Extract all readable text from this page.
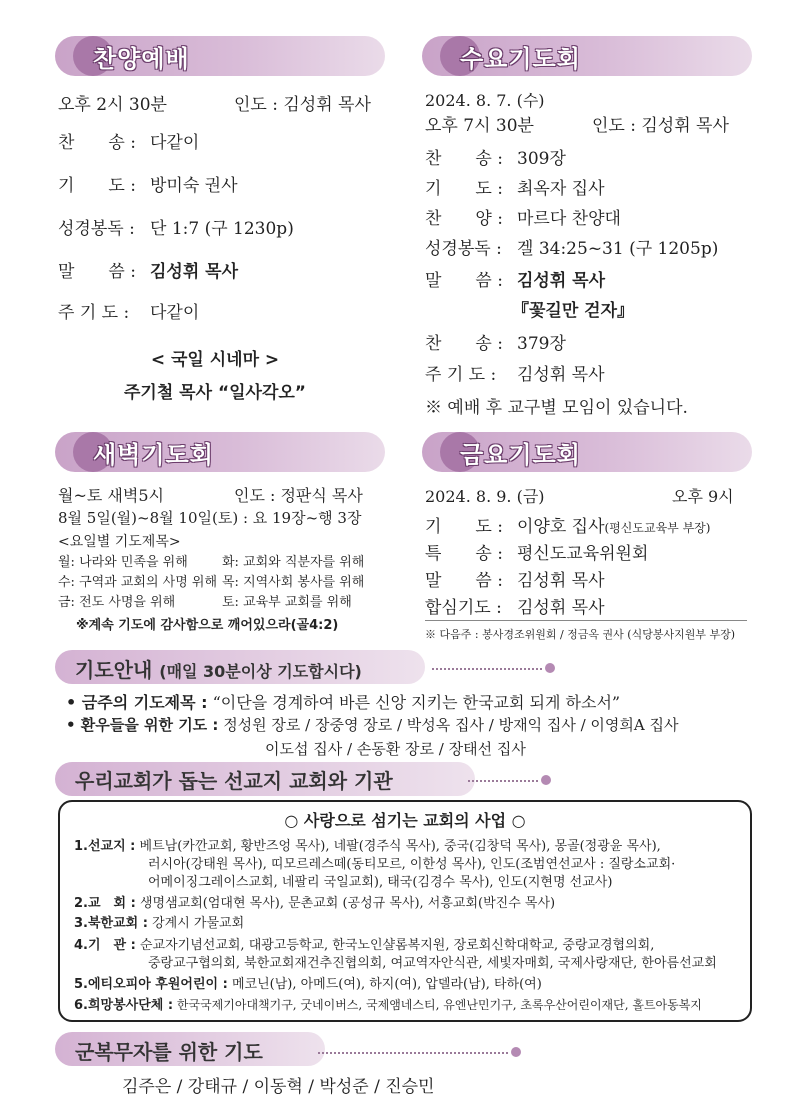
찬양예배
오후 2시 30분	인도 : 김성휘 목사
찬　　송 : 다같이
기　　도 : 방미숙 권사
성경봉독 : 단 1:7 (구 1230p)
말　　씀 : 김성휘 목사
주 기 도 : 다같이
< 국일 시네마 >
주기철 목사 “일사각오”
수요기도회
2024. 8. 7. (수)
오후 7시 30분	인도 : 김성휘 목사
찬　　송 : 309장
기　　도 : 최옥자 집사
찬　　양 : 마르다 찬양대
성경봉독 : 겔 34:25~31 (구 1205p)
말　　씀 : 김성휘 목사
『꽃길만 걷자』
찬　　송 : 379장
주 기 도 : 김성휘 목사
※ 예배 후 교구별 모임이 있습니다.
새벽기도회
월~토 새벽5시	인도 : 정판식 목사
8월 5일(월)~8월 10일(토) : 요 19장~행 3장
<요일별 기도제목>
월: 나라와 민족을 위해	화: 교회와 직분자를 위해
수: 구역과 교회의 사명 위해 목: 지역사회 봉사를 위해
금: 전도 사명을 위해	토: 교육부 교회를 위해
※계속 기도에 감사함으로 깨어있으라(골4:2)
금요기도회
2024. 8. 9. (금)	오후 9시
기　　도 : 이양호 집사(평신도교육부 부장)
특　　송 : 평신도교육위원회
말　　씀 : 김성휘 목사
합심기도 : 김성휘 목사
※ 다음주 : 봉사경조위원회 / 정금옥 권사 (식당봉사지원부 부장)
기도안내 (매일 30분이상 기도합시다)
• 금주의 기도제목 : “이단을 경계하여 바른 신앙 지키는 한국교회 되게 하소서”
• 환우들을 위한 기도 : 정성원 장로 / 장중영 장로 / 박성옥 집사 / 방재익 집사 / 이영희A 집사
이도섭 집사 / 손동환 장로 / 장태선 집사
우리교회가 돕는 선교지 교회와 기관
○ 사랑으로 섬기는 교회의 사업 ○
1.선교지 : 베트남(카깐교회, 황반즈엉 목사), 네팔(경주식 목사), 중국(김창덕 목사), 몽골(정광윤 목사),
러시아(강태원 목사), 띠모르레스떼(동티모르, 이한성 목사), 인도(조범연선교사 : 질랑소교회·
어메이징그레이스교회, 네팔리 국일교회), 태국(김경수 목사), 인도(지현명 선교사)
2.교　회 : 생명샘교회(엄대현 목사), 문촌교회 (공성규 목사), 서흥교회(박진수 목사)
3.북한교회 : 강계시 가물교회
4.기　관 : 순교자기념선교회, 대광고등학교, 한국노인샬롬복지원, 장로회신학대학교, 중랑교경협의회,
중랑교구협의회, 북한교회재건추진협의회, 여교역자안식관, 세빛자매회, 국제사랑재단, 한아름선교회
5.에티오피아 후원어린이 : 메코닌(남), 아메드(여), 하지(여), 압델라(남), 타하(여)
6.희망봉사단체 : 한국국제기아대책기구, 굿네이버스, 국제앰네스티, 유엔난민기구, 초록우산어린이재단, 홀트아동복지
군복무자를 위한 기도
김주은 / 강태규 / 이동혁 / 박성준 / 진승민
